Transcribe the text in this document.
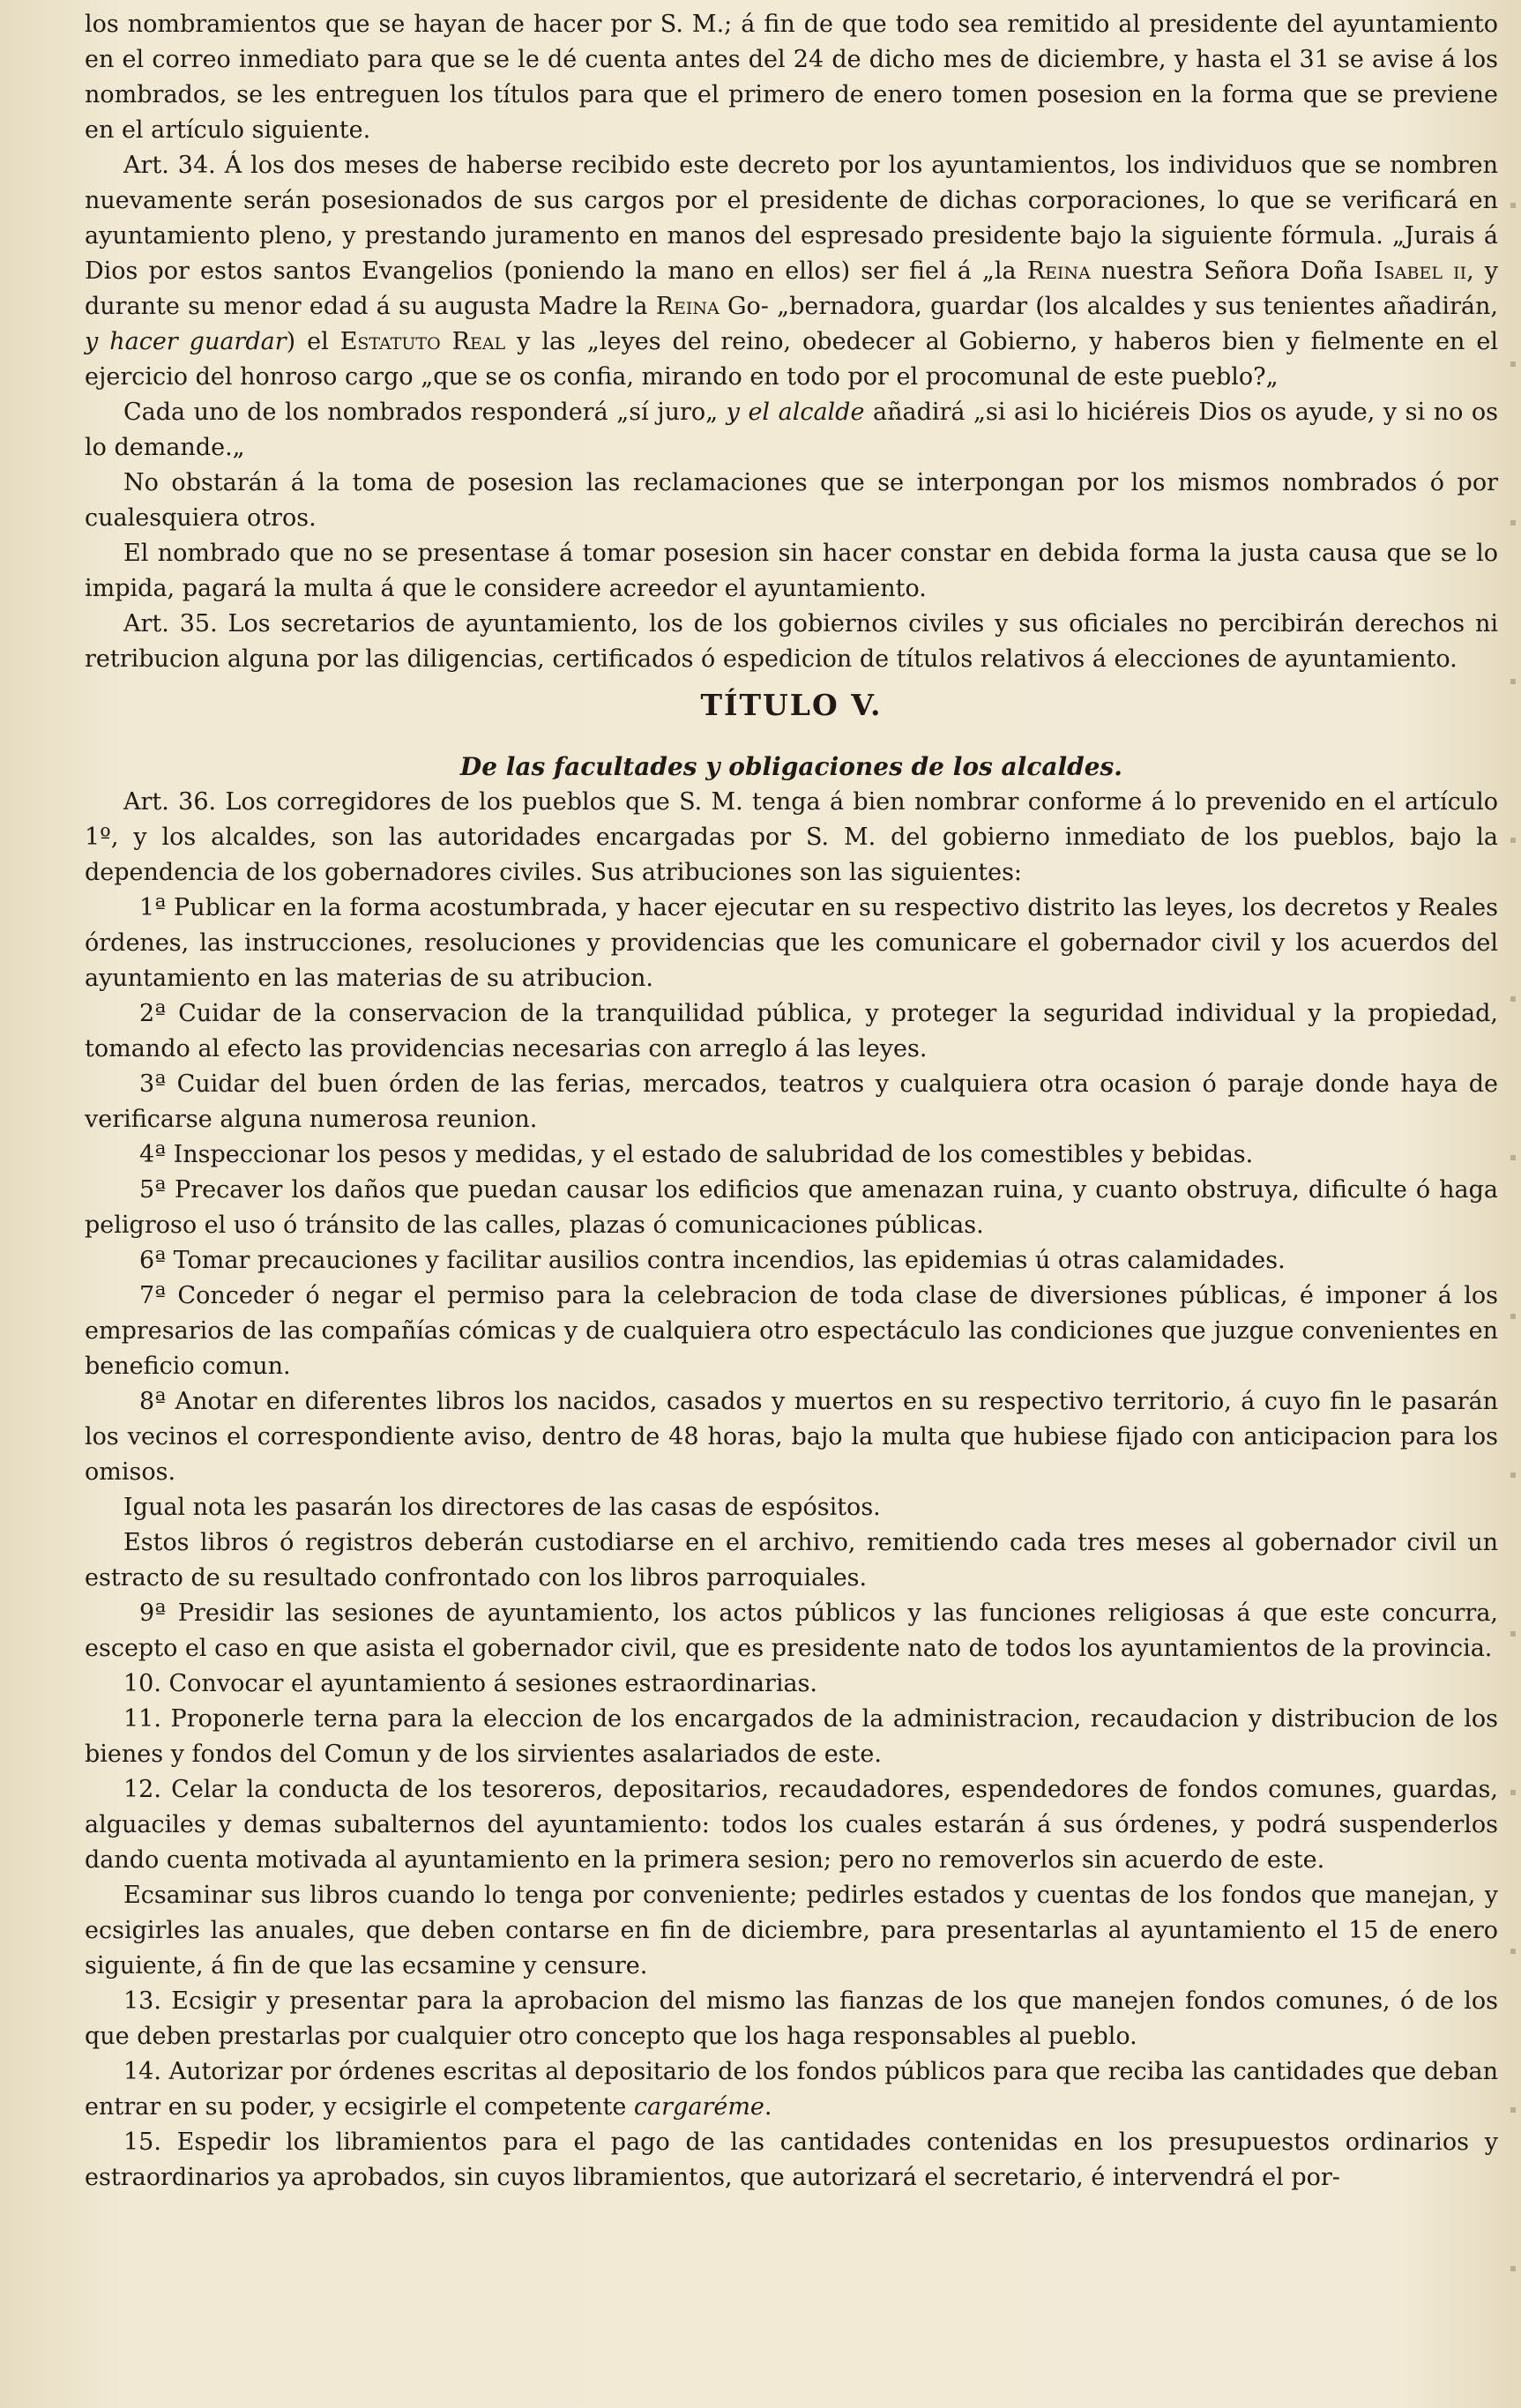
los nombramientos que se hayan de hacer por S. M.; á fin de que todo sea remitido al presidente del ayuntamiento en el correo inmediato para que se le dé cuenta antes del 24 de dicho mes de diciembre, y hasta el 31 se avise á los nombrados, se les entreguen los títulos para que el primero de enero tomen posesion en la forma que se previene en el artículo siguiente.

Art. 34. Á los dos meses de haberse recibido este decreto por los ayuntamientos, los individuos que se nombren nuevamente serán posesionados de sus cargos por el presidente de dichas corporaciones, lo que se verificará en ayuntamiento pleno, y prestando juramento en manos del espresado presidente bajo la siguiente fórmula. „Jurais á Dios por estos santos Evangelios (poniendo la mano en ellos) ser fiel á „la Reina nuestra Señora Doña Isabel ii, y durante su menor edad á su augusta Madre la Reina Go- „bernadora, guardar (los alcaldes y sus tenientes añadirán, y hacer guardar) el Estatuto Real y las „leyes del reino, obedecer al Gobierno, y haberos bien y fielmente en el ejercicio del honroso cargo „que se os confia, mirando en todo por el procomunal de este pueblo?„

Cada uno de los nombrados responderá „sí juro„ y el alcalde añadirá „si asi lo hiciéreis Dios os ayude, y si no os lo demande.„

No obstarán á la toma de posesion las reclamaciones que se interpongan por los mismos nombrados ó por cualesquiera otros.

El nombrado que no se presentase á tomar posesion sin hacer constar en debida forma la justa causa que se lo impida, pagará la multa á que le considere acreedor el ayuntamiento.

Art. 35. Los secretarios de ayuntamiento, los de los gobiernos civiles y sus oficiales no percibirán derechos ni retribucion alguna por las diligencias, certificados ó espedicion de títulos relativos á elecciones de ayuntamiento.

TÍTULO V.
De las facultades y obligaciones de los alcaldes.

Art. 36. Los corregidores de los pueblos que S. M. tenga á bien nombrar conforme á lo prevenido en el artículo 1º, y los alcaldes, son las autoridades encargadas por S. M. del gobierno inmediato de los pueblos, bajo la dependencia de los gobernadores civiles. Sus atribuciones son las siguientes:

1ª Publicar en la forma acostumbrada, y hacer ejecutar en su respectivo distrito las leyes, los decretos y Reales órdenes, las instrucciones, resoluciones y providencias que les comunicare el gobernador civil y los acuerdos del ayuntamiento en las materias de su atribucion.

2ª Cuidar de la conservacion de la tranquilidad pública, y proteger la seguridad individual y la propiedad, tomando al efecto las providencias necesarias con arreglo á las leyes.

3ª Cuidar del buen órden de las ferias, mercados, teatros y cualquiera otra ocasion ó paraje donde haya de verificarse alguna numerosa reunion.

4ª Inspeccionar los pesos y medidas, y el estado de salubridad de los comestibles y bebidas.

5ª Precaver los daños que puedan causar los edificios que amenazan ruina, y cuanto obstruya, dificulte ó haga peligroso el uso ó tránsito de las calles, plazas ó comunicaciones públicas.

6ª Tomar precauciones y facilitar ausilios contra incendios, las epidemias ú otras calamidades.

7ª Conceder ó negar el permiso para la celebracion de toda clase de diversiones públicas, é imponer á los empresarios de las compañías cómicas y de cualquiera otro espectáculo las condiciones que juzgue convenientes en beneficio comun.

8ª Anotar en diferentes libros los nacidos, casados y muertos en su respectivo territorio, á cuyo fin le pasarán los vecinos el correspondiente aviso, dentro de 48 horas, bajo la multa que hubiese fijado con anticipacion para los omisos.

Igual nota les pasarán los directores de las casas de espósitos.

Estos libros ó registros deberán custodiarse en el archivo, remitiendo cada tres meses al gobernador civil un estracto de su resultado confrontado con los libros parroquiales.

9ª Presidir las sesiones de ayuntamiento, los actos públicos y las funciones religiosas á que este concurra, escepto el caso en que asista el gobernador civil, que es presidente nato de todos los ayuntamientos de la provincia.

10. Convocar el ayuntamiento á sesiones estraordinarias.

11. Proponerle terna para la eleccion de los encargados de la administracion, recaudacion y distribucion de los bienes y fondos del Comun y de los sirvientes asalariados de este.

12. Celar la conducta de los tesoreros, depositarios, recaudadores, espendedores de fondos comunes, guardas, alguaciles y demas subalternos del ayuntamiento: todos los cuales estarán á sus órdenes, y podrá suspenderlos dando cuenta motivada al ayuntamiento en la primera sesion; pero no removerlos sin acuerdo de este.

Ecsaminar sus libros cuando lo tenga por conveniente; pedirles estados y cuentas de los fondos que manejan, y ecsigirles las anuales, que deben contarse en fin de diciembre, para presentarlas al ayuntamiento el 15 de enero siguiente, á fin de que las ecsamine y censure.

13. Ecsigir y presentar para la aprobacion del mismo las fianzas de los que manejen fondos comunes, ó de los que deben prestarlas por cualquier otro concepto que los haga responsables al pueblo.

14. Autorizar por órdenes escritas al depositario de los fondos públicos para que reciba las cantidades que deban entrar en su poder, y ecsigirle el competente cargaréme.

15. Espedir los libramientos para el pago de las cantidades contenidas en los presupuestos ordinarios y estraordinarios ya aprobados, sin cuyos libramientos, que autorizará el secretario, é intervendrá el por-
